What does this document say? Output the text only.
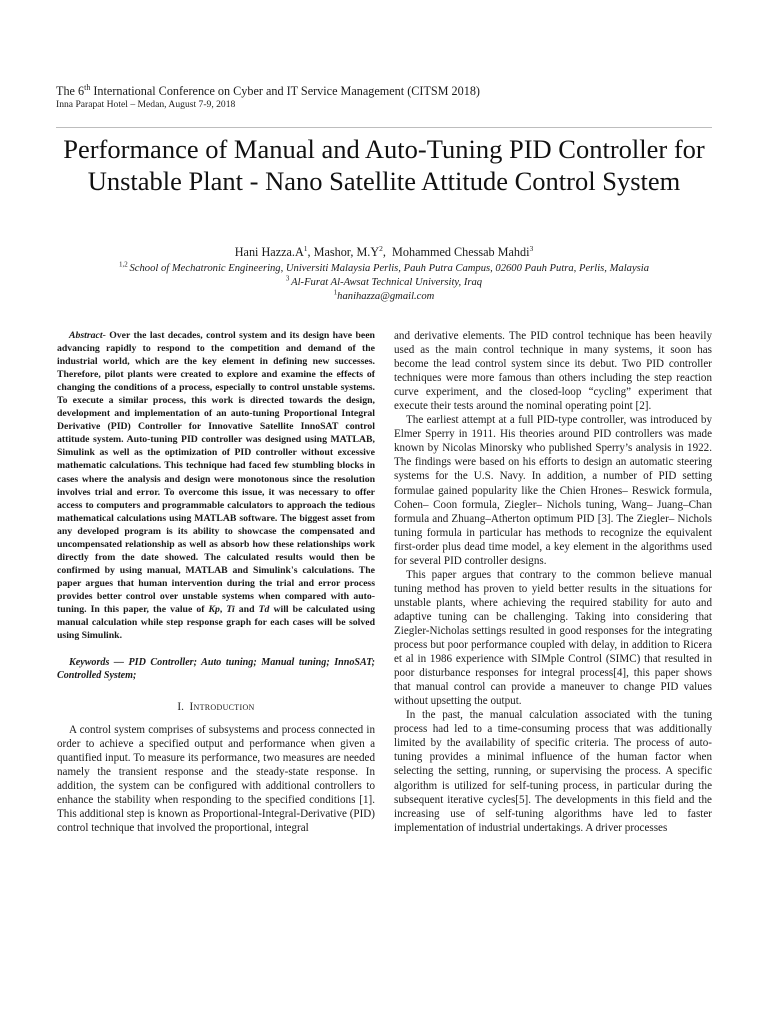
The 6th International Conference on Cyber and IT Service Management (CITSM 2018)
Inna Parapat Hotel – Medan, August 7-9, 2018
Performance of Manual and Auto-Tuning PID Controller for Unstable Plant - Nano Satellite Attitude Control System
Hani $Hazza.A^1$, Mashor, $M.Y^2$,  Mohammed Chessab Mahdi$^3$
$^{1,2}$ School of Mechatronic Engineering, Universiti Malaysia Perlis, Pauh Putra Campus, 02600 Pauh Putra, Perlis, Malaysia
$^3$ Al-Furat Al-Awsat Technical University, Iraq
$^1$hanihazza@gmail.com

Abstract- Over the last decades, control system and its design have been advancing rapidly to respond to the competition and demand of the industrial world, which are the key element in defining new successes. Therefore, pilot plants were created to explore and examine the effects of changing the conditions of a process, especially to control unstable systems. To execute a similar process, this work is directed towards the design, development and implementation of an auto-tuning Proportional Integral Derivative (PID) Controller for Innovative Satellite InnoSAT control attitude system. Auto-tuning PID controller was designed using MATLAB, Simulink as well as the optimization of PID controller without excessive mathematic calculations. This technique had faced few stumbling blocks in cases where the analysis and design were monotonous since the resolution involves trial and error. To overcome this issue, it was necessary to offer access to computers and programmable calculators to approach the tedious mathematical calculations using MATLAB software. The biggest asset from any developed program is its ability to showcase the compensated and uncompensated relationship as well as absorb how these relationships work directly from the date showed. The calculated results would then be confirmed by using manual, MATLAB and Simulink's calculations. The paper argues that human intervention during the trial and error process provides better control over unstable systems when compared with auto-tuning. In this paper, the value of Kp, Ti and Td will be calculated using manual calculation while step response graph for each cases will be solved using Simulink.

Keywords — PID Controller; Auto tuning; Manual tuning; InnoSAT; Controlled System;

I. Introduction

A control system comprises of subsystems and process connected in order to achieve a specified output and performance when given a quantified input. To measure its performance, two measures are needed namely the transient response and the steady-state response. In addition, the system can be configured with additional controllers to enhance the stability when responding to the specified conditions [1]. This additional step is known as Proportional-Integral-Derivative (PID) control technique that involved the proportional, integral

and derivative elements. The PID control technique has been heavily used as the main control technique in many systems, it soon has become the lead control system since its debut. Two PID controller techniques were more famous than others including the step reaction curve experiment, and the closed-loop “cycling” experiment that execute their tests around the nominal operating point [2].

The earliest attempt at a full PID-type controller, was introduced by Elmer Sperry in 1911. His theories around PID controllers was made known by Nicolas Minorsky who published Sperry’s analysis in 1922. The findings were based on his efforts to design an automatic steering systems for the U.S. Navy. In addition, a number of PID setting formulae gained popularity like the Chien Hrones– Reswick formula, Cohen– Coon formula, Ziegler– Nichols tuning, Wang– Juang–Chan formula and Zhuang–Atherton optimum PID [3]. The Ziegler– Nichols tuning formula in particular has methods to recognize the equivalent first-order plus dead time model, a key element in the algorithms used for several PID controller designs.

This paper argues that contrary to the common believe manual tuning method has proven to yield better results in the situations for unstable plants, where achieving the required stability for auto and adaptive tuning can be challenging. Taking into considering that Ziegler-Nicholas settings resulted in good responses for the integrating process but poor performance coupled with delay, in addition to Ricera et al in 1986 experience with SIMple Control (SIMC) that resulted in poor disturbance responses for integral process[4], this paper shows that manual control can provide a maneuver to change PID values without upsetting the output.

In the past, the manual calculation associated with the tuning process had led to a time-consuming process that was additionally limited by the availability of specific criteria. The process of auto-tuning provides a minimal influence of the human factor when selecting the setting, running, or supervising the process. A specific algorithm is utilized for self-tuning process, in particular during the subsequent iterative cycles[5]. The developments in this field and the increasing use of self-tuning algorithms have led to faster implementation of industrial undertakings. A driver processes
